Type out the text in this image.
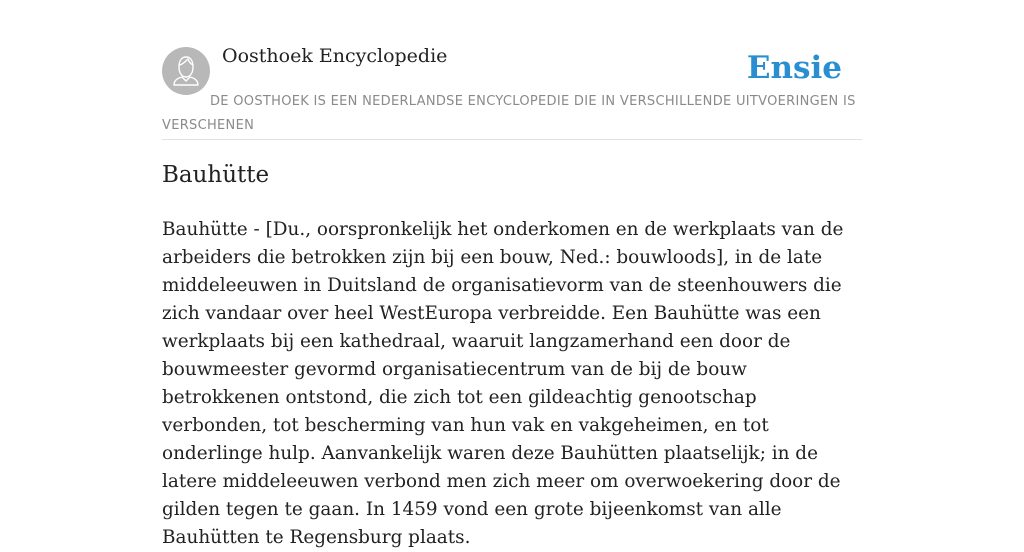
Oosthoek Encyclopedie	Ensie

DE OOSTHOEK IS EEN NEDERLANDSE ENCYCLOPEDIE DIE IN VERSCHILLENDE UITVOERINGEN IS VERSCHENEN

Bauhütte

Bauhütte - [Du., oorspronkelijk het onderkomen en de werkplaats van de arbeiders die betrokken zijn bij een bouw, Ned.: bouwloods], in de late middeleeuwen in Duitsland de organisatievorm van de steenhouwers die zich vandaar over heel WestEuropa verbreidde. Een Bauhütte was een werkplaats bij een kathedraal, waaruit langzamerhand een door de bouwmeester gevormd organisatiecentrum van de bij de bouw betrokkenen ontstond, die zich tot een gildeachtig genootschap verbonden, tot bescherming van hun vak en vakgeheimen, en tot onderlinge hulp. Aanvankelijk waren deze Bauhütten plaatselijk; in de latere middeleeuwen verbond men zich meer om overwoekering door de gilden tegen te gaan. In 1459 vond een grote bijeenkomst van alle Bauhütten te Regensburg plaats.
